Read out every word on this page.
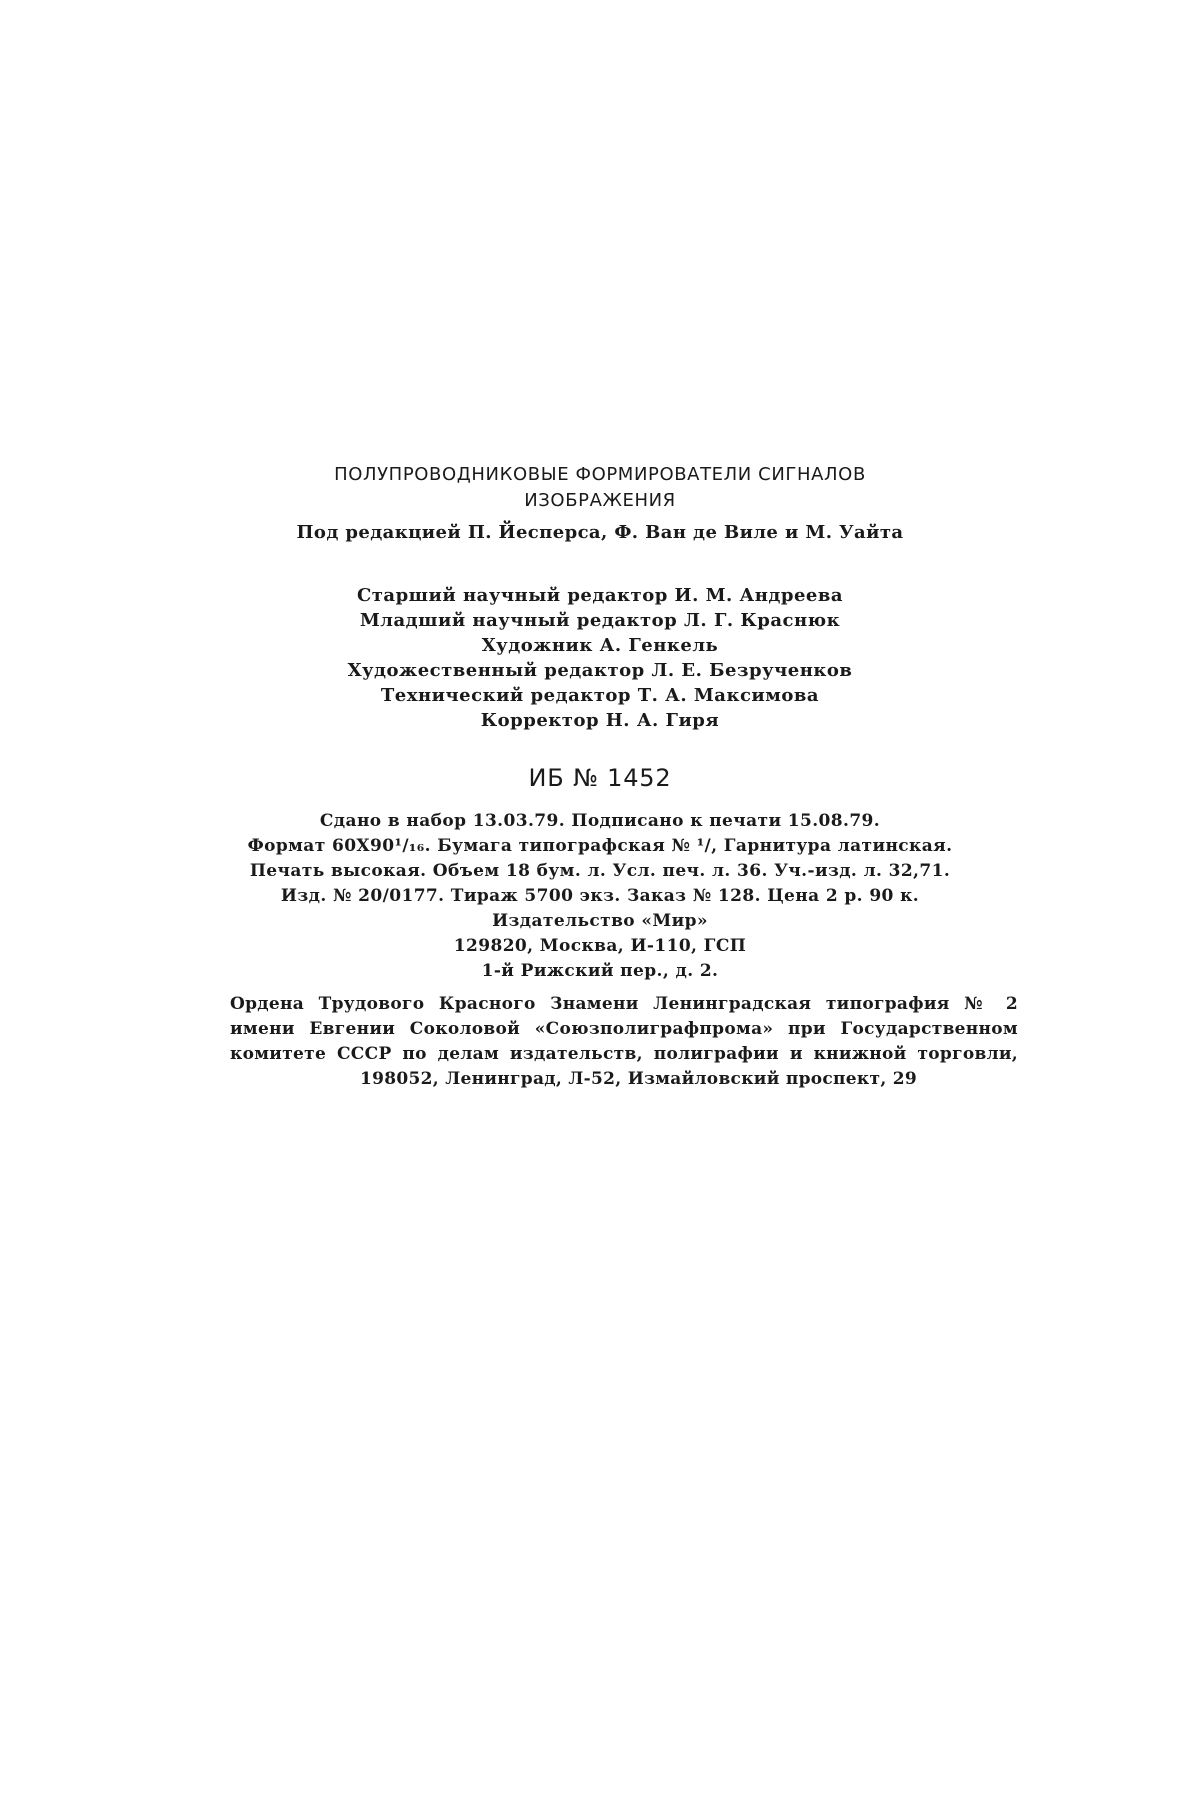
ПОЛУПРОВОДНИКОВЫЕ ФОРМИРОВАТЕЛИ СИГНАЛОВ
ИЗОБРАЖЕНИЯ
Под редакцией П. Йесперса, Ф. Ван де Виле и М. Уайта
Старший научный редактор И. М. Андреева
Младший научный редактор Л. Г. Краснюк
Художник А. Генкель
Художественный редактор Л. Е. Безрученков
Технический редактор Т. А. Максимова
Корректор Н. А. Гиря
ИБ № 1452
Сдано в набор 13.03.79. Подписано к печати 15.08.79.
Формат 60X90¹/₁₆. Бумага типографская № ¹/, Гарнитура латинская.
Печать высокая. Объем 18 бум. л. Усл. печ. л. 36. Уч.-изд. л. 32,71.
Изд. № 20/0177. Тираж 5700 экз. Заказ № 128. Цена 2 р. 90 к.
Издательство «Мир»
129820, Москва, И-110, ГСП
1-й Рижский пер., д. 2.
Ордена Трудового Красного Знамени Ленинградская типография № 2
имени Евгении Соколовой «Союзполиграфпрома» при Государственном
комитете СССР по делам издательств, полиграфии и книжной торговли,
198052, Ленинград, Л-52, Измайловский проспект, 29
